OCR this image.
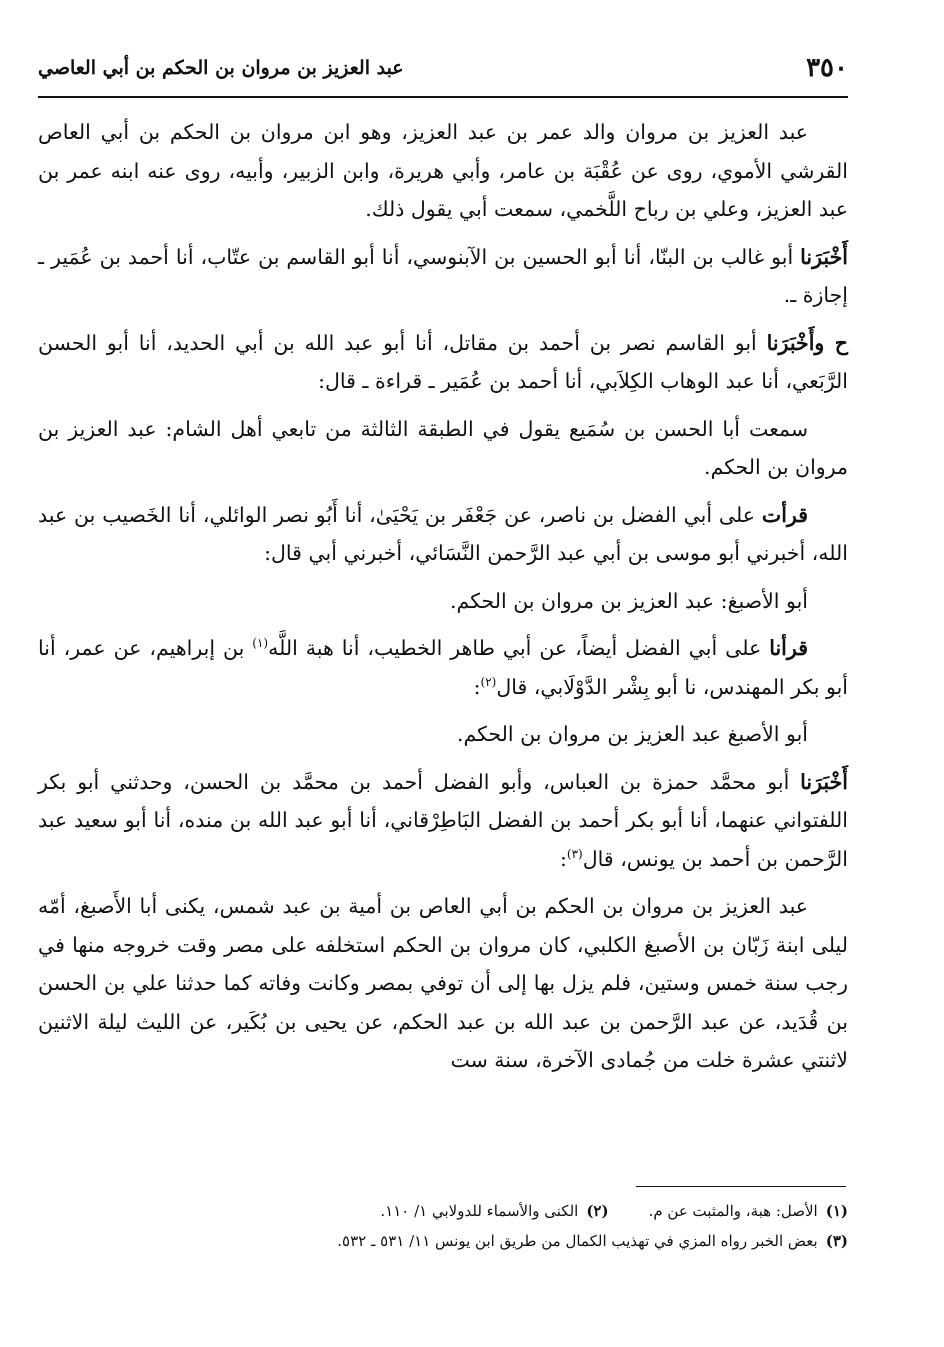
٣٥٠
عبد العزيز بن مروان بن الحكم بن أبي العاصي

عبد العزيز بن مروان والد عمر بن عبد العزيز، وهو ابن مروان بن الحكم بن أبي العاص القرشي الأموي، روى عن عُقْبَة بن عامر، وأبي هريرة، وابن الزبير، وأبيه، روى عنه ابنه عمر بن عبد العزيز، وعلي بن رباح اللَّخمي، سمعت أبي يقول ذلك.

أَخْبَرَنا أبو غالب بن البنّا، أنا أبو الحسين بن الآبنوسي، أنا أبو القاسم بن عتّاب، أنا أحمد بن عُمَير ـ إجازة ـ.

ح وأَخْبَرَنا أبو القاسم نصر بن أحمد بن مقاتل، أنا أبو عبد الله بن أبي الحديد، أنا أبو الحسن الرَّبَعي، أنا عبد الوهاب الكِلاَبي، أنا أحمد بن عُمَير ـ قراءة ـ قال:

سمعت أبا الحسن بن سُمَيع يقول في الطبقة الثالثة من تابعي أهل الشام: عبد العزيز بن مروان بن الحكم.

قرأت على أبي الفضل بن ناصر، عن جَعْفَر بن يَحْيَىٰ، أنا أَبُو نصر الوائلي، أنا الخَصيب بن عبد الله، أخبرني أبو موسى بن أبي عبد الرَّحمن النَّسَائي، أخبرني أبي قال:

أبو الأصبغ: عبد العزيز بن مروان بن الحكم.

قرأنا على أبي الفضل أيضاً، عن أبي طاهر الخطيب، أنا هبة اللَّه$^{(١)}$ بن إبراهيم، عن عمر، أنا أبو بكر المهندس، نا أبو بِشْر الدَّوْلَابي، قال$^{(٢)}$:

أبو الأصبغ عبد العزيز بن مروان بن الحكم.

أَخْبَرَنا أبو محمَّد حمزة بن العباس، وأبو الفضل أحمد بن محمَّد بن الحسن، وحدثني أبو بكر اللفتواني عنهما، أنا أبو بكر أحمد بن الفضل البَاطِرْقاني، أنا أبو عبد الله بن منده، أنا أبو سعيد عبد الرَّحمن بن أحمد بن يونس، قال$^{(٣)}$:

عبد العزيز بن مروان بن الحكم بن أبي العاص بن أمية بن عبد شمس، يكنى أبا الأَصبغ، أمّه ليلى ابنة زَبّان بن الأصبغ الكلبي، كان مروان بن الحكم استخلفه على مصر وقت خروجه منها في رجب سنة خمس وستين، فلم يزل بها إلى أن توفي بمصر وكانت وفاته كما حدثنا علي بن الحسن بن قُدَيد، عن عبد الرَّحمن بن عبد الله بن عبد الحكم، عن يحيى بن بُكَير، عن الليث ليلة الاثنين لاثنتي عشرة خلت من جُمادى الآخرة، سنة ست

(١)الأصل: هبة، والمثبت عن م.
(٢)الكنى والأسماء للدولابي ١/ ١١٠.
(٣)بعض الخبر رواه المزي في تهذيب الكمال من طريق ابن يونس ١١/ ٥٣١ ـ ٥٣٢.
